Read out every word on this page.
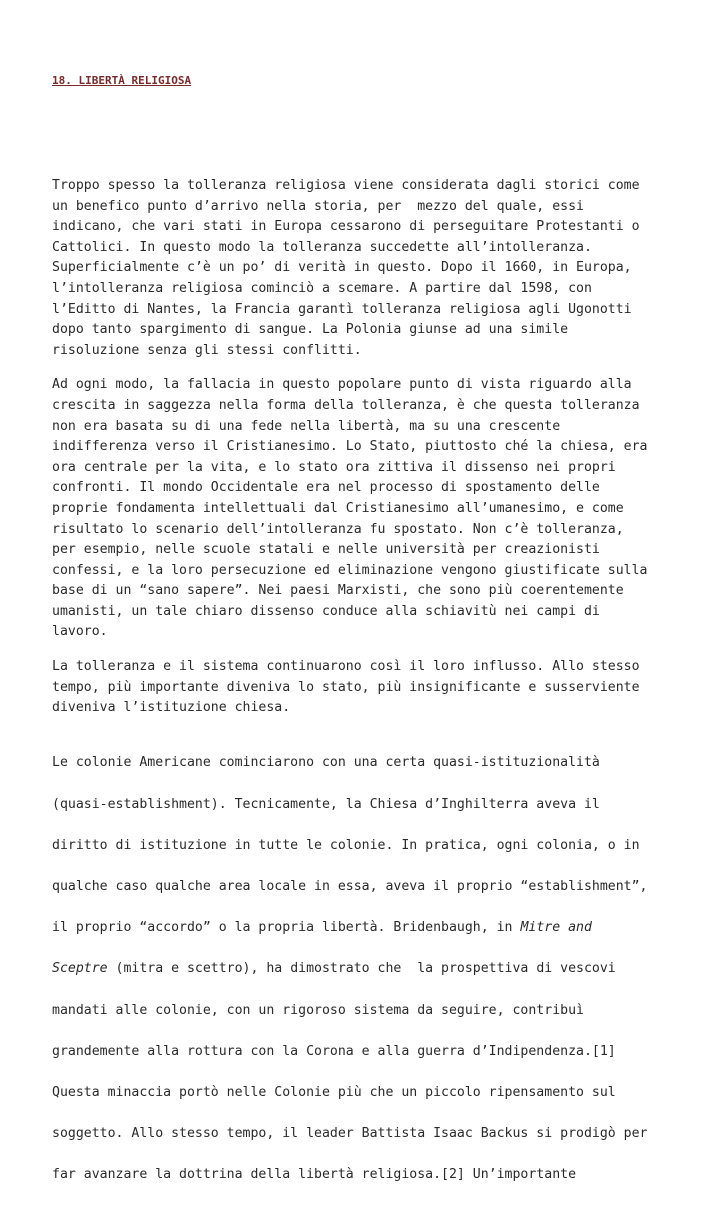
18. LIBERTÀ RELIGIOSA

Troppo spesso la tolleranza religiosa viene considerata dagli storici come
un benefico punto d’arrivo nella storia, per  mezzo del quale, essi
indicano, che vari stati in Europa cessarono di perseguitare Protestanti o
Cattolici. In questo modo la tolleranza succedette all’intolleranza.
Superficialmente c’è un po’ di verità in questo. Dopo il 1660, in Europa,
l’intolleranza religiosa cominciò a scemare. A partire dal 1598, con
l’Editto di Nantes, la Francia garantì tolleranza religiosa agli Ugonotti
dopo tanto spargimento di sangue. La Polonia giunse ad una simile
risoluzione senza gli stessi conflitti.

Ad ogni modo, la fallacia in questo popolare punto di vista riguardo alla
crescita in saggezza nella forma della tolleranza, è che questa tolleranza
non era basata su di una fede nella libertà, ma su una crescente
indifferenza verso il Cristianesimo. Lo Stato, piuttosto ché la chiesa, era
ora centrale per la vita, e lo stato ora zittiva il dissenso nei propri
confronti. Il mondo Occidentale era nel processo di spostamento delle
proprie fondamenta intellettuali dal Cristianesimo all’umanesimo, e come
risultato lo scenario dell’intolleranza fu spostato. Non c’è tolleranza,
per esempio, nelle scuole statali e nelle università per creazionisti
confessi, e la loro persecuzione ed eliminazione vengono giustificate sulla
base di un “sano sapere”. Nei paesi Marxisti, che sono più coerentemente
umanisti, un tale chiaro dissenso conduce alla schiavitù nei campi di
lavoro.

La tolleranza e il sistema continuarono così il loro influsso. Allo stesso
tempo, più importante diveniva lo stato, più insignificante e susserviente
diveniva l’istituzione chiesa.

Le colonie Americane cominciarono con una certa quasi-istituzionalità

(quasi-establishment). Tecnicamente, la Chiesa d’Inghilterra aveva il

diritto di istituzione in tutte le colonie. In pratica, ogni colonia, o in

qualche caso qualche area locale in essa, aveva il proprio “establishment”,

il proprio “accordo” o la propria libertà. Bridenbaugh, in Mitre and

Sceptre (mitra e scettro), ha dimostrato che  la prospettiva di vescovi

mandati alle colonie, con un rigoroso sistema da seguire, contribuì

grandemente alla rottura con la Corona e alla guerra d’Indipendenza.[1]

Questa minaccia portò nelle Colonie più che un piccolo ripensamento sul

soggetto. Allo stesso tempo, il leader Battista Isaac Backus si prodigò per

far avanzare la dottrina della libertà religiosa.[2] Un’importante
